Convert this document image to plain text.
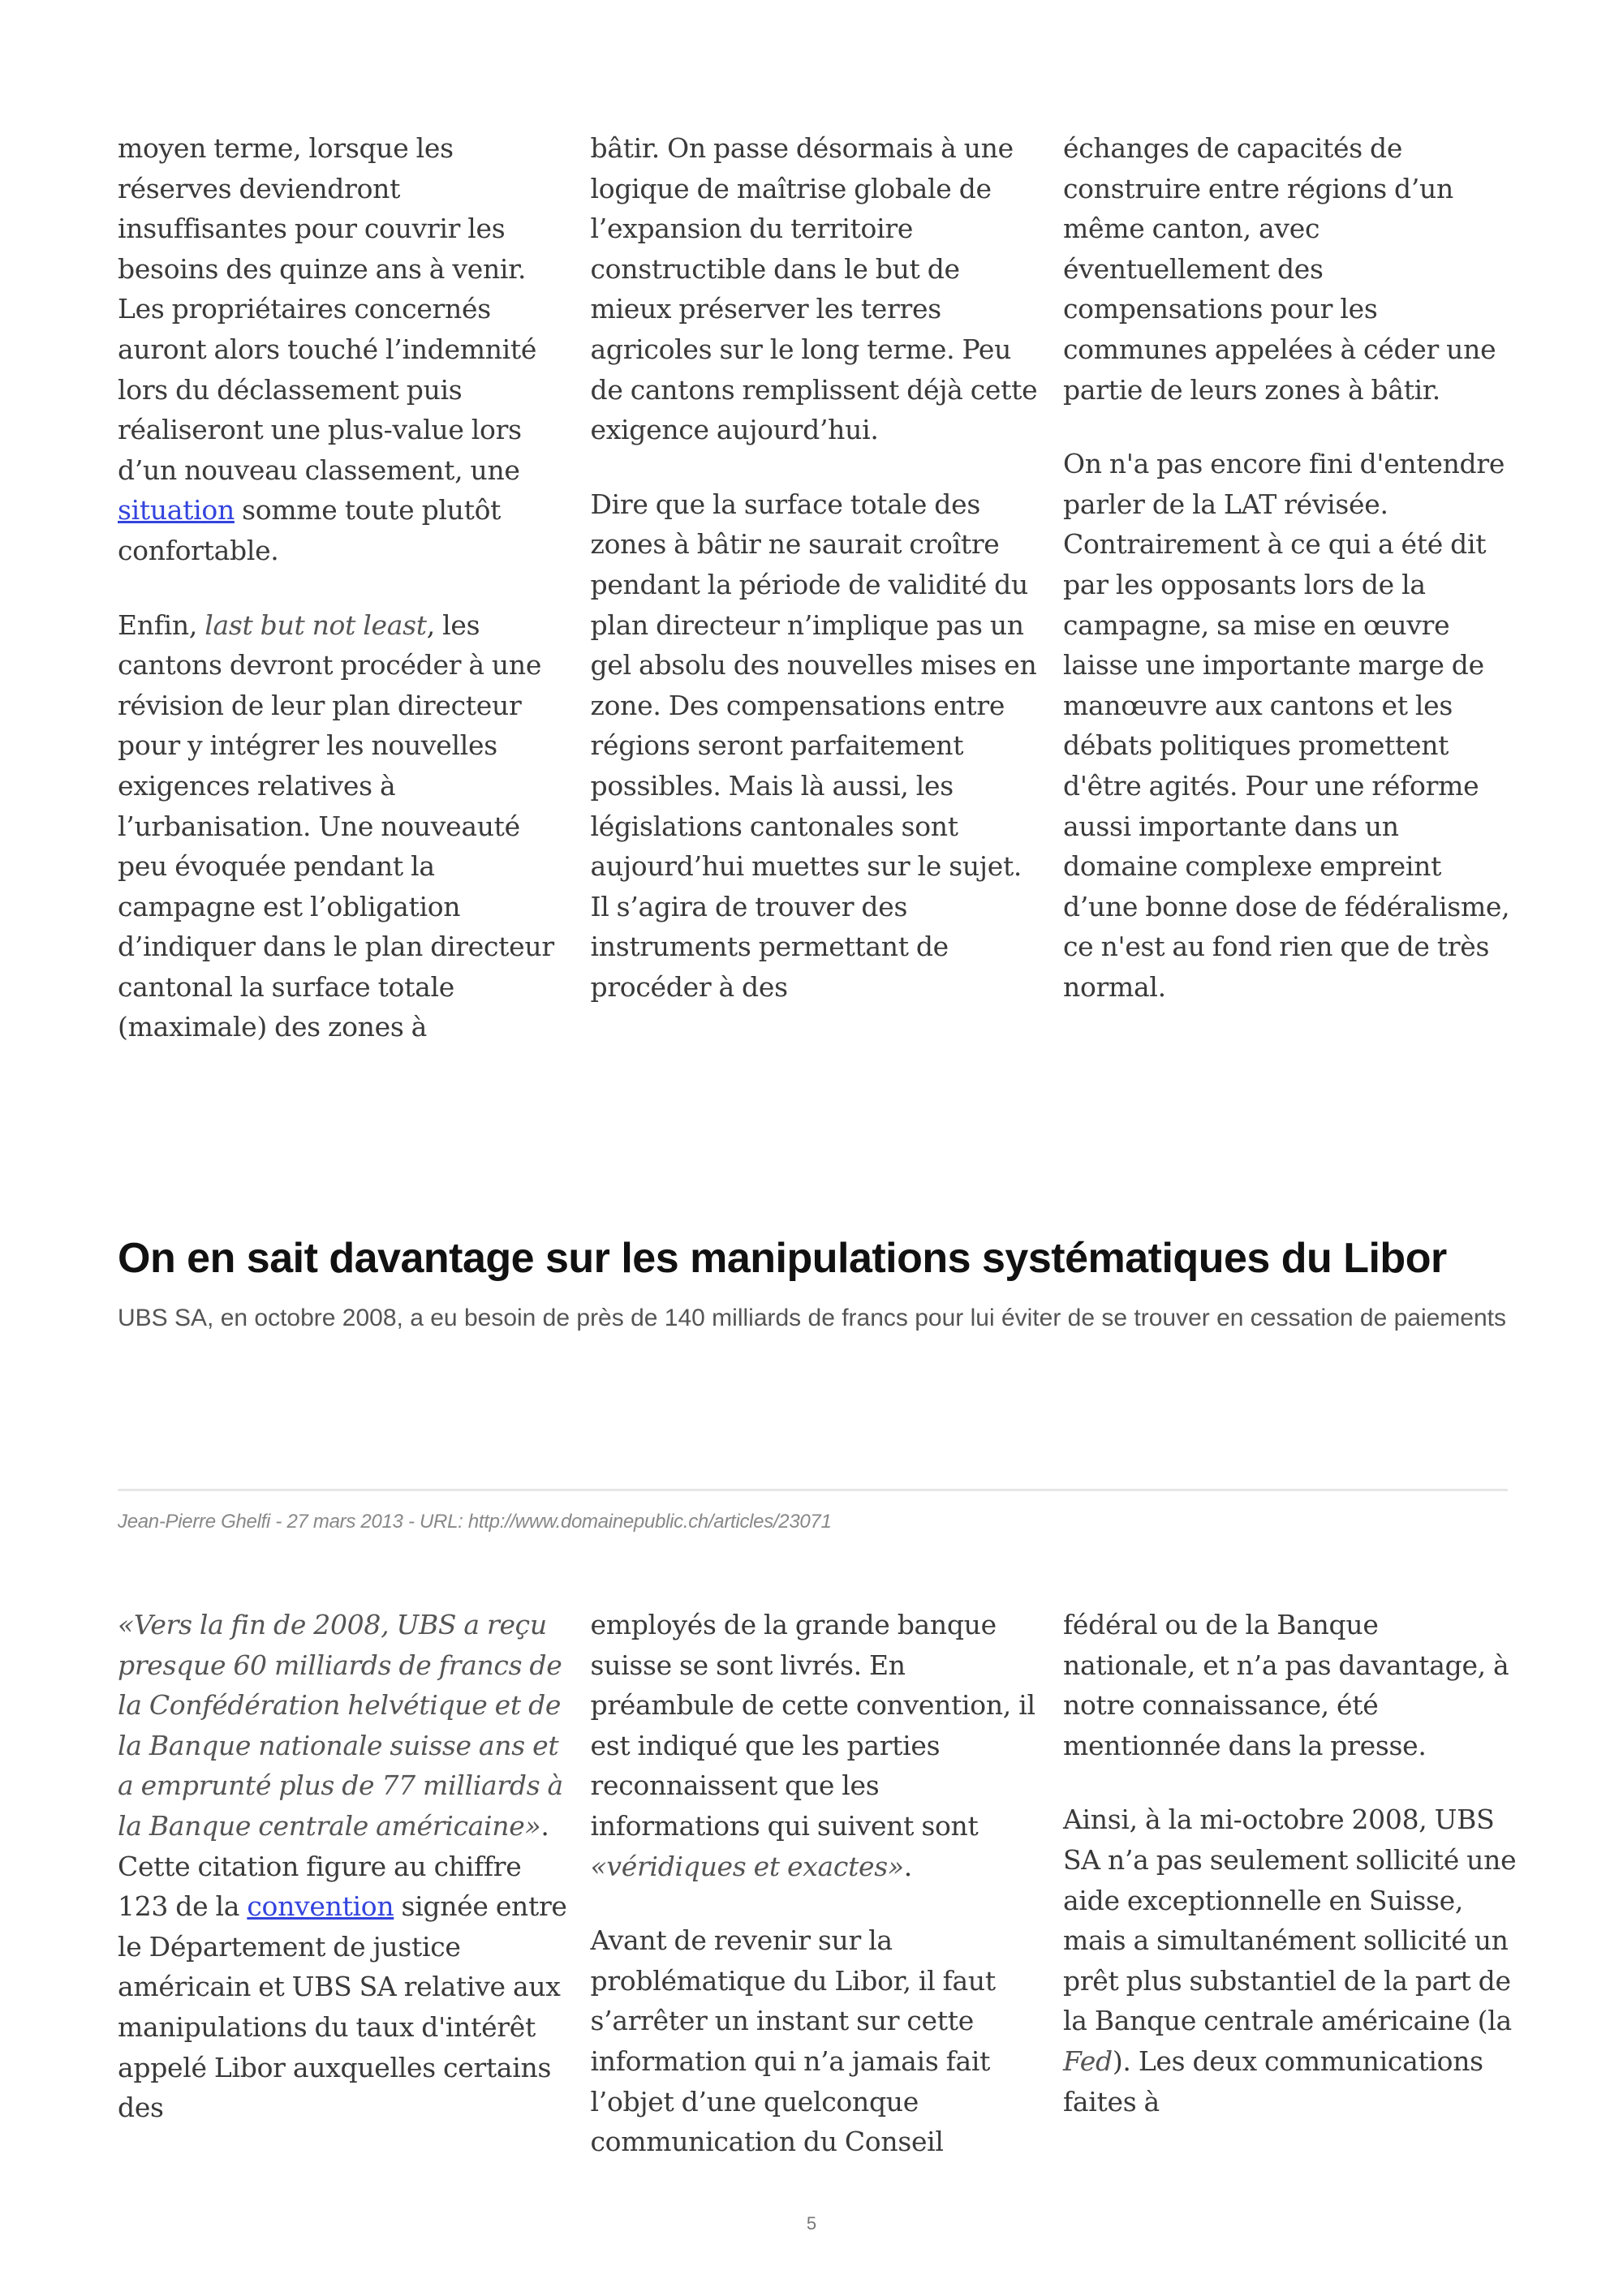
moyen terme, lorsque les réserves deviendront insuffisantes pour couvrir les besoins des quinze ans à venir. Les propriétaires concernés auront alors touché l’indemnité lors du déclassement puis réaliseront une plus-value lors d’un nouveau classement, une situation somme toute plutôt confortable.

Enfin, last but not least, les cantons devront procéder à une révision de leur plan directeur pour y intégrer les nouvelles exigences relatives à l’urbanisation. Une nouveauté peu évoquée pendant la campagne est l’obligation d’indiquer dans le plan directeur cantonal la surface totale (maximale) des zones à

bâtir. On passe désormais à une logique de maîtrise globale de l’expansion du territoire constructible dans le but de mieux préserver les terres agricoles sur le long terme. Peu de cantons remplissent déjà cette exigence aujourd’hui.

Dire que la surface totale des zones à bâtir ne saurait croître pendant la période de validité du plan directeur n’implique pas un gel absolu des nouvelles mises en zone. Des compensations entre régions seront parfaitement possibles. Mais là aussi, les législations cantonales sont aujourd’hui muettes sur le sujet. Il s’agira de trouver des instruments permettant de procéder à des

échanges de capacités de construire entre régions d’un même canton, avec éventuellement des compensations pour les communes appelées à céder une partie de leurs zones à bâtir.

On n'a pas encore fini d'entendre parler de la LAT révisée. Contrairement à ce qui a été dit par les opposants lors de la campagne, sa mise en œuvre laisse une importante marge de manœuvre aux cantons et les débats politiques promettent d'être agités. Pour une réforme aussi importante dans un domaine complexe empreint d’une bonne dose de fédéralisme, ce n'est au fond rien que de très normal.

On en sait davantage sur les manipulations systématiques du Libor

UBS SA, en octobre 2008, a eu besoin de près de 140 milliards de francs pour lui éviter de se trouver en cessation de paiements

Jean-Pierre Ghelfi - 27 mars 2013 - URL: http://www.domainepublic.ch/articles/23071

«Vers la fin de 2008, UBS a reçu presque 60 milliards de francs de la Confédération helvétique et de la Banque nationale suisse ans et a emprunté plus de 77 milliards à la Banque centrale américaine». Cette citation figure au chiffre 123 de la convention signée entre le Département de justice américain et UBS SA relative aux manipulations du taux d'intérêt appelé Libor auxquelles certains des

employés de la grande banque suisse se sont livrés. En préambule de cette convention, il est indiqué que les parties reconnaissent que les informations qui suivent sont «véridiques et exactes».

Avant de revenir sur la problématique du Libor, il faut s’arrêter un instant sur cette information qui n’a jamais fait l’objet d’une quelconque communication du Conseil

fédéral ou de la Banque nationale, et n’a pas davantage, à notre connaissance, été mentionnée dans la presse.

Ainsi, à la mi-octobre 2008, UBS SA n’a pas seulement sollicité une aide exceptionnelle en Suisse, mais a simultanément sollicité un prêt plus substantiel de la part de la Banque centrale américaine (la Fed). Les deux communications faites à

5
